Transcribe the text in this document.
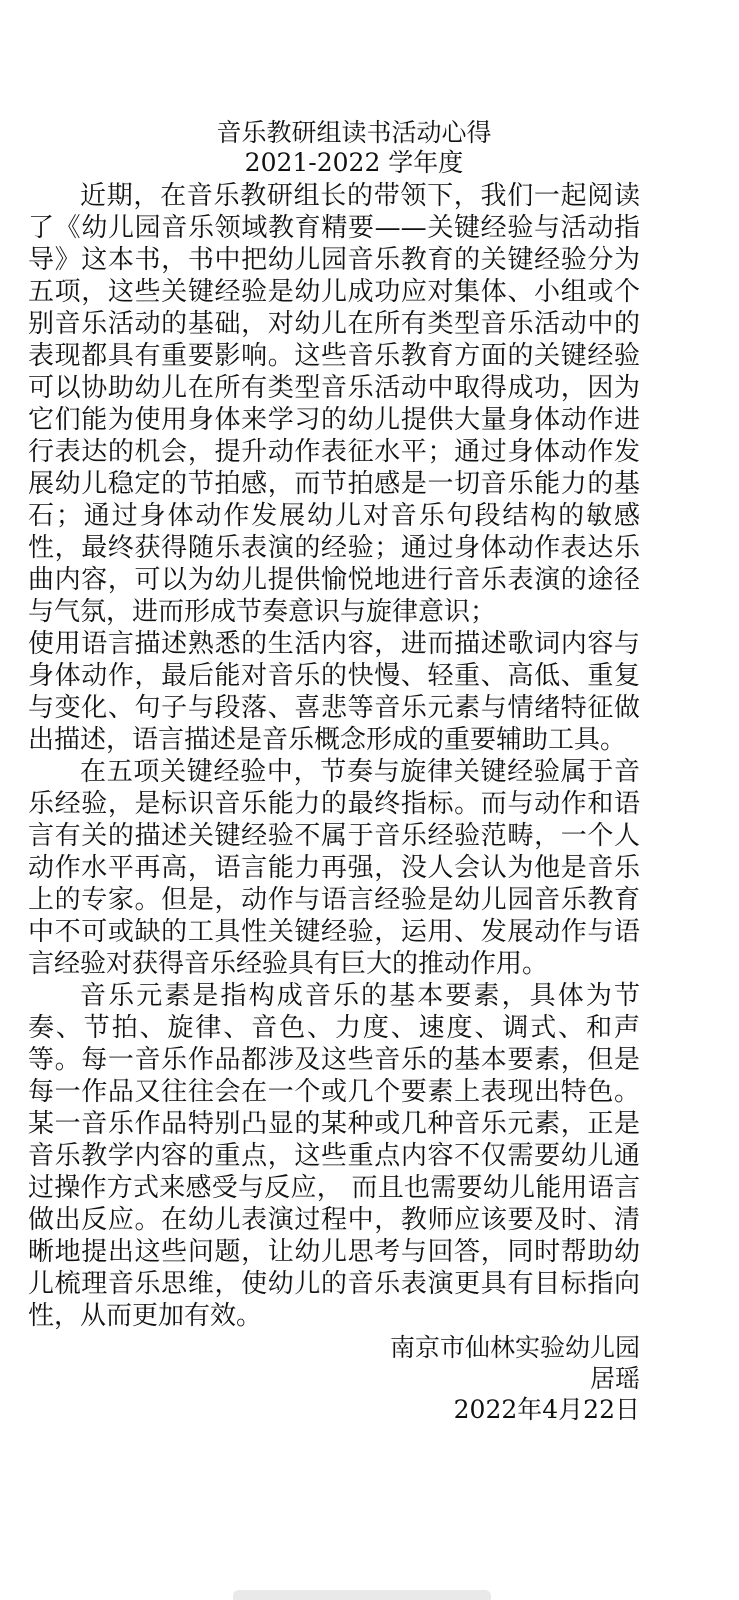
音乐教研组读书活动心得
2021-2022 学年度

近期，在音乐教研组长的带领下，我们一起阅读了《幼儿园音乐领域教育精要——关键经验与活动指导》这本书，书中把幼儿园音乐教育的关键经验分为五项，这些关键经验是幼儿成功应对集体、小组或个别音乐活动的基础，对幼儿在所有类型音乐活动中的表现都具有重要影响。这些音乐教育方面的关键经验可以协助幼儿在所有类型音乐活动中取得成功，因为它们能为使用身体来学习的幼儿提供大量身体动作进行表达的机会，提升动作表征水平；通过身体动作发展幼儿稳定的节拍感，而节拍感是一切音乐能力的基石；通过身体动作发展幼儿对音乐句段结构的敏感性，最终获得随乐表演的经验；通过身体动作表达乐曲内容，可以为幼儿提供愉悦地进行音乐表演的途径与气氛，进而形成节奏意识与旋律意识；

使用语言描述熟悉的生活内容，进而描述歌词内容与身体动作，最后能对音乐的快慢、轻重、高低、重复与变化、句子与段落、喜悲等音乐元素与情绪特征做出描述，语言描述是音乐概念形成的重要辅助工具。

在五项关键经验中，节奏与旋律关键经验属于音乐经验，是标识音乐能力的最终指标。而与动作和语言有关的描述关键经验不属于音乐经验范畴，一个人动作水平再高，语言能力再强，没人会认为他是音乐上的专家。但是，动作与语言经验是幼儿园音乐教育中不可或缺的工具性关键经验，运用、发展动作与语言经验对获得音乐经验具有巨大的推动作用。

音乐元素是指构成音乐的基本要素，具体为节奏、节拍、旋律、音色、力度、速度、调式、和声等。每一音乐作品都涉及这些音乐的基本要素，但是每一作品又往往会在一个或几个要素上表现出特色。某一音乐作品特别凸显的某种或几种音乐元素，正是音乐教学内容的重点，这些重点内容不仅需要幼儿通过操作方式来感受与反应， 而且也需要幼儿能用语言做出反应。在幼儿表演过程中，教师应该要及时、清晰地提出这些问题，让幼儿思考与回答，同时帮助幼儿梳理音乐思维，使幼儿的音乐表演更具有目标指向性，从而更加有效。

南京市仙林实验幼儿园
居瑶
2022年4月22日
